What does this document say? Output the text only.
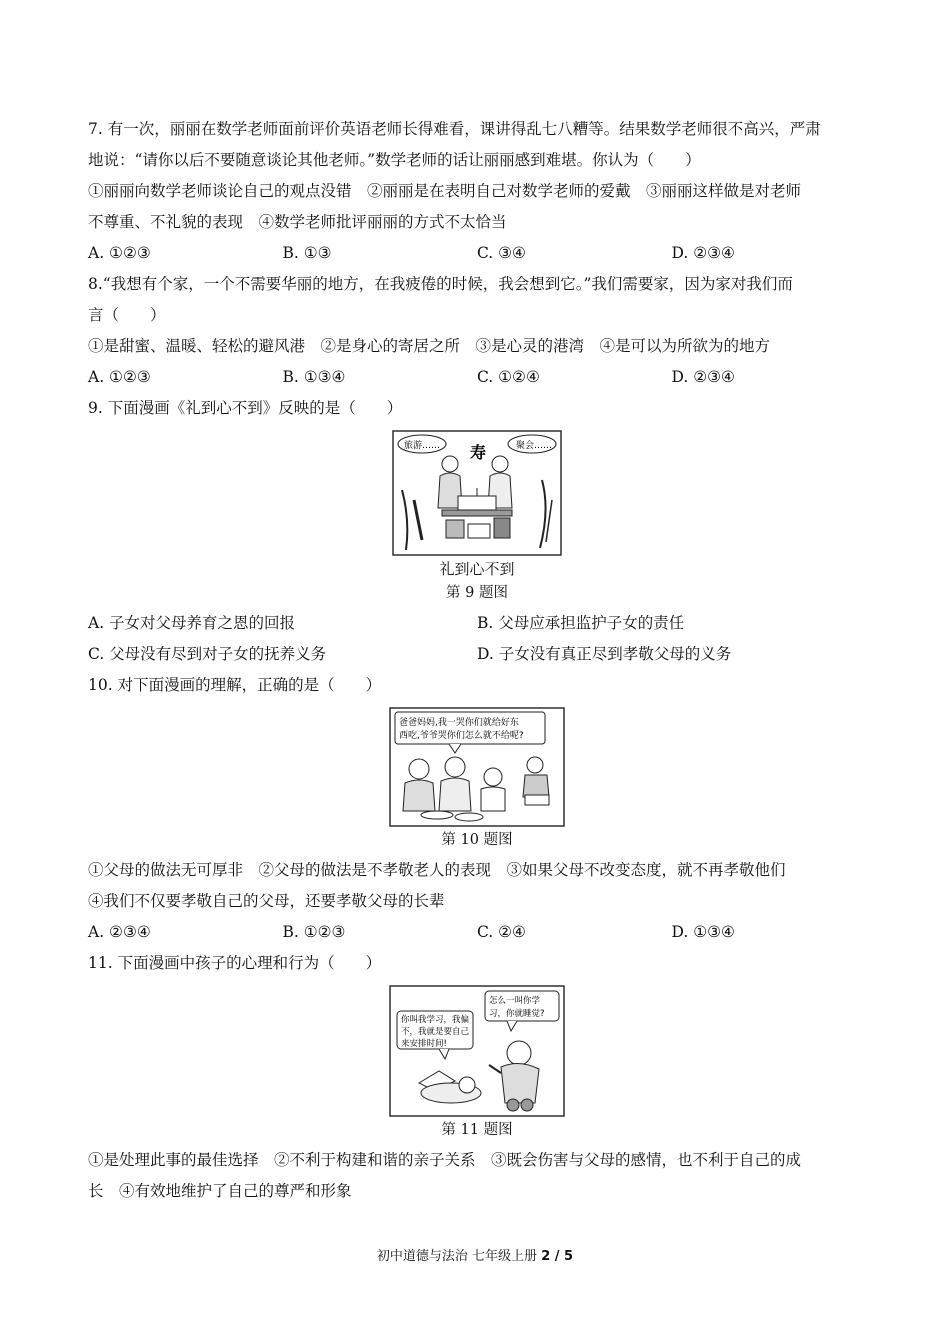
7. 有一次，丽丽在数学老师面前评价英语老师长得难看，课讲得乱七八糟等。结果数学老师很不高兴，严肃
地说：“请你以后不要随意谈论其他老师。”数学老师的话让丽丽感到难堪。你认为（　　）
①丽丽向数学老师谈论自己的观点没错　②丽丽是在表明自己对数学老师的爱戴　③丽丽这样做是对老师
不尊重、不礼貌的表现　④数学老师批评丽丽的方式不太恰当
A. ①②③	B. ①③	C. ③④	D. ②③④
8.“我想有个家，一个不需要华丽的地方，在我疲倦的时候，我会想到它。”我们需要家，因为家对我们而
言（　　）
①是甜蜜、温暖、轻松的避风港　②是身心的寄居之所　③是心灵的港湾　④是可以为所欲为的地方
A. ①②③	B. ①③④	C. ①②④	D. ②③④
9. 下面漫画《礼到心不到》反映的是（　　）
旅游……	聚会……
寿
礼到心不到
第 9 题图
A. 子女对父母养育之恩的回报	B. 父母应承担监护子女的责任
C. 父母没有尽到对子女的抚养义务	D. 子女没有真正尽到孝敬父母的义务
10. 对下面漫画的理解，正确的是（　　）
爸爸妈妈,我一哭你们就给好东
西吃,爷爷哭你们怎么就不给呢?
第 10 题图
①父母的做法无可厚非　②父母的做法是不孝敬老人的表现　③如果父母不改变态度，就不再孝敬他们
④我们不仅要孝敬自己的父母，还要孝敬父母的长辈
A. ②③④	B. ①②③	C. ②④	D. ①③④
11. 下面漫画中孩子的心理和行为（　　）
你叫我学习，我偏
不，我就是要自己
来安排时间!
怎么一叫你学
习，你就睡觉?
第 11 题图
①是处理此事的最佳选择　②不利于构建和谐的亲子关系　③既会伤害与父母的感情，也不利于自己的成
长　④有效地维护了自己的尊严和形象
初中道德与法治 七年级上册 2 / 5
